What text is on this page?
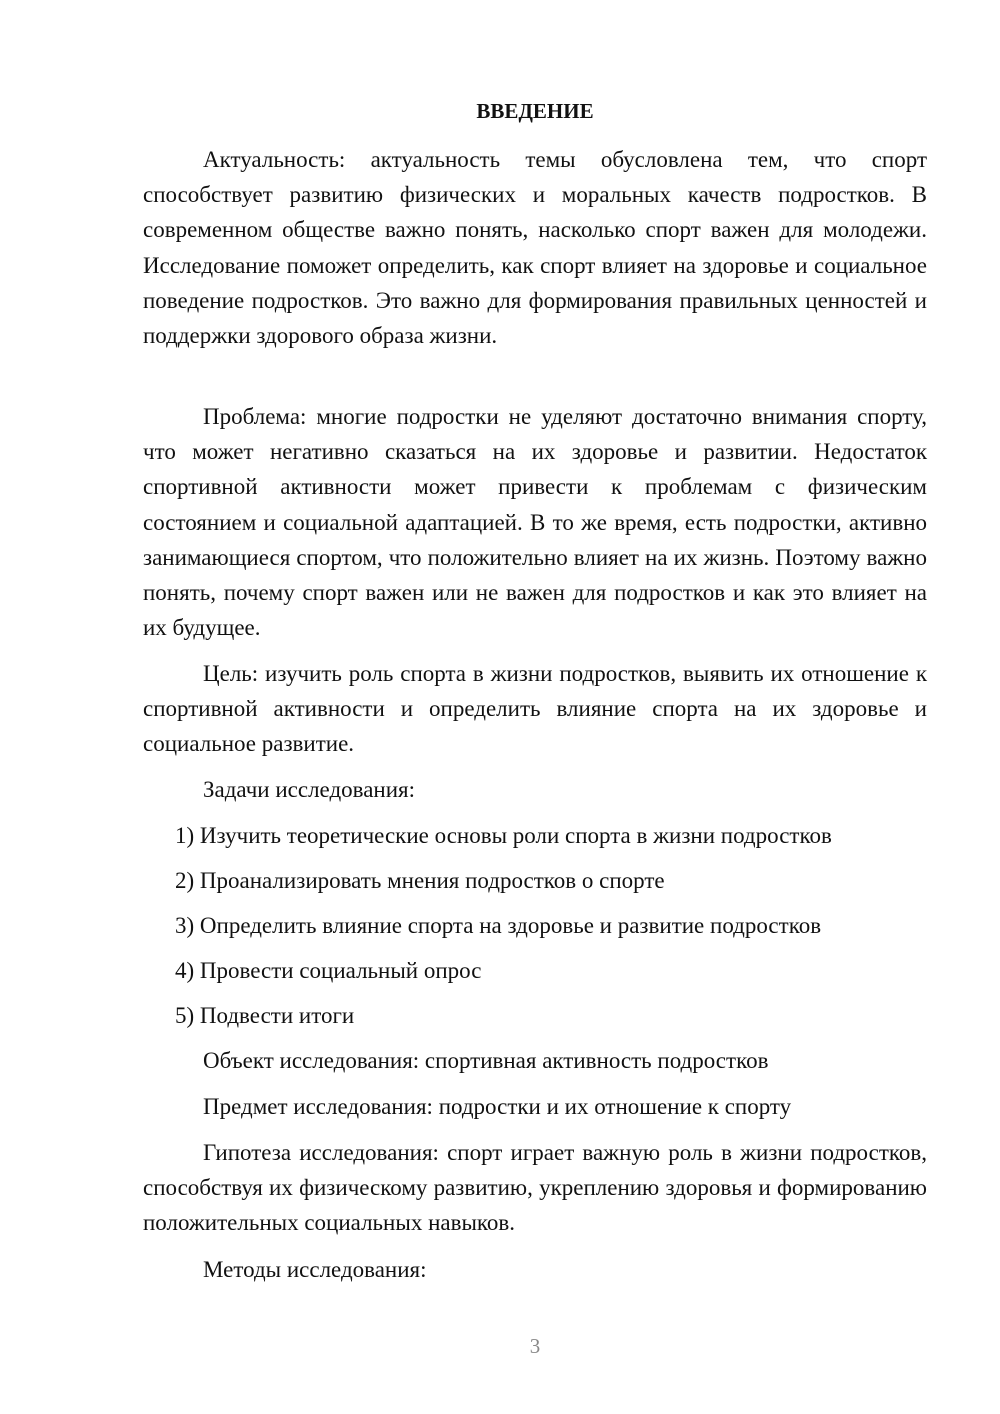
ВВЕДЕНИЕ

Актуальность: актуальность темы обусловлена тем, что спорт способствует развитию физических и моральных качеств подростков. В современном обществе важно понять, насколько спорт важен для молодежи. Исследование поможет определить, как спорт влияет на здоровье и социальное поведение подростков. Это важно для формирования правильных ценностей и поддержки здорового образа жизни.

Проблема: многие подростки не уделяют достаточно внимания спорту, что может негативно сказаться на их здоровье и развитии. Недостаток спортивной активности может привести к проблемам с физическим состоянием и социальной адаптацией. В то же время, есть подростки, активно занимающиеся спортом, что положительно влияет на их жизнь. Поэтому важно понять, почему спорт важен или не важен для подростков и как это влияет на их будущее.

Цель: изучить роль спорта в жизни подростков, выявить их отношение к спортивной активности и определить влияние спорта на их здоровье и социальное развитие.

Задачи исследования:

1) Изучить теоретические основы роли спорта в жизни подростков

2) Проанализировать мнения подростков о спорте

3) Определить влияние спорта на здоровье и развитие подростков

4) Провести социальный опрос

5) Подвести итоги

Объект исследования: спортивная активность подростков

Предмет исследования: подростки и их отношение к спорту

Гипотеза исследования: спорт играет важную роль в жизни подростков, способствуя их физическому развитию, укреплению здоровья и формированию положительных социальных навыков.

Методы исследования:

3
